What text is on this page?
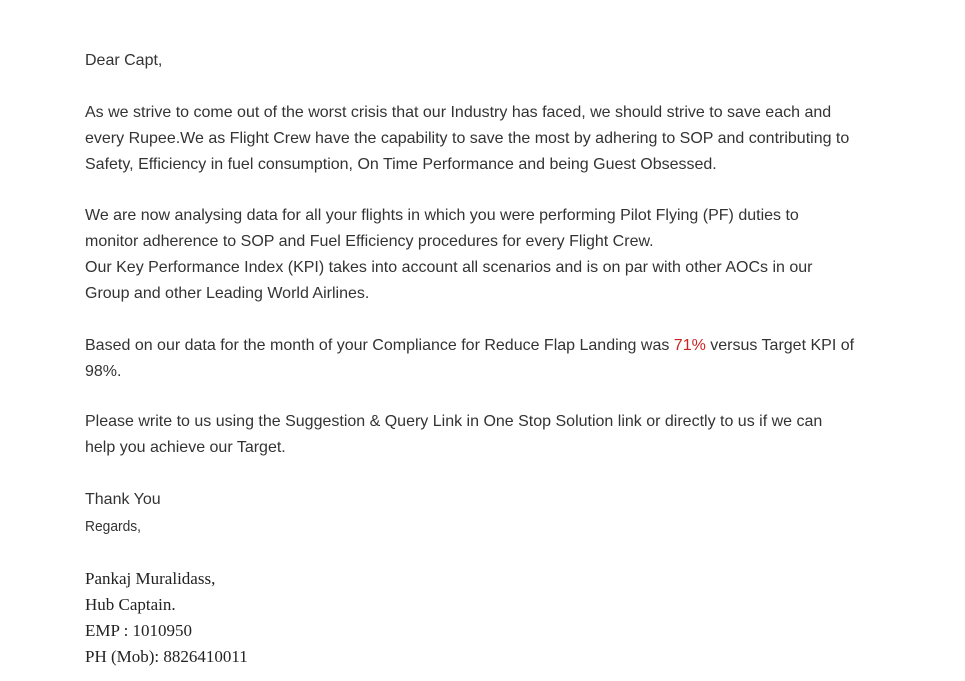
Dear Capt,
As we strive to come out of the worst crisis that our Industry has faced, we should strive to save each and
every Rupee.We as Flight Crew have the capability to save the most by adhering to SOP and contributing to
Safety, Efficiency in fuel consumption, On Time Performance and being Guest Obsessed.
We are now analysing data for all your flights in which you were performing Pilot Flying (PF) duties to
monitor adherence to SOP and Fuel Efficiency procedures for every Flight Crew.
Our Key Performance Index (KPI) takes into account all scenarios and is on par with other AOCs in our
Group and other Leading World Airlines.
Based on our data for the month of your Compliance for Reduce Flap Landing was 71% versus Target KPI of
98%.
Please write to us using the Suggestion & Query Link in One Stop Solution link or directly to us if we can
help you achieve our Target.
Thank You
Regards,
Pankaj Muralidass,
Hub Captain.
EMP : 1010950
PH (Mob): 8826410011
